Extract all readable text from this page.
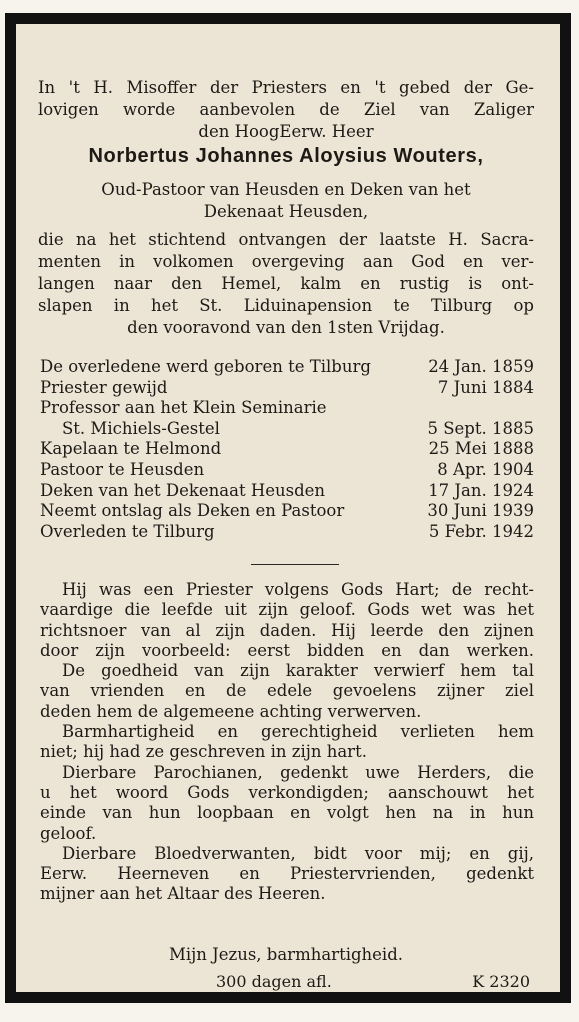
In 't H. Misoffer der Priesters en 't gebed der Ge-
lovigen worde aanbevolen de Ziel van Zaliger
den HoogEerw. Heer
Norbertus Johannes Aloysius Wouters,
Oud-Pastoor van Heusden en Deken van het
Dekenaat Heusden,
die na het stichtend ontvangen der laatste H. Sacra-
menten in volkomen overgeving aan God en ver-
langen naar den Hemel, kalm en rustig is ont-
slapen in het St. Liduinapension te Tilburg op
den vooravond van den 1sten Vrijdag.
De overledene werd geboren te Tilburg	24 Jan. 1859
Priester gewijd	7 Juni 1884
Professor aan het Klein Seminarie
St. Michiels-Gestel	5 Sept. 1885
Kapelaan te Helmond	25 Mei 1888
Pastoor te Heusden	8 Apr. 1904
Deken van het Dekenaat Heusden	17 Jan. 1924
Neemt ontslag als Deken en Pastoor	30 Juni 1939
Overleden te Tilburg	5 Febr. 1942
Hij was een Priester volgens Gods Hart; de recht-
vaardige die leefde uit zijn geloof. Gods wet was het
richtsnoer van al zijn daden. Hij leerde den zijnen
door zijn voorbeeld: eerst bidden en dan werken.
De goedheid van zijn karakter verwierf hem tal
van vrienden en de edele gevoelens zijner ziel
deden hem de algemeene achting verwerven.
Barmhartigheid en gerechtigheid verlieten hem
niet; hij had ze geschreven in zijn hart.
Dierbare Parochianen, gedenkt uwe Herders, die
u het woord Gods verkondigden; aanschouwt het
einde van hun loopbaan en volgt hen na in hun
geloof.
Dierbare Bloedverwanten, bidt voor mij; en gij,
Eerw. Heerneven en Priestervrienden, gedenkt
mijner aan het Altaar des Heeren.
Mijn Jezus, barmhartigheid.
300 dagen afl.	K 2320
